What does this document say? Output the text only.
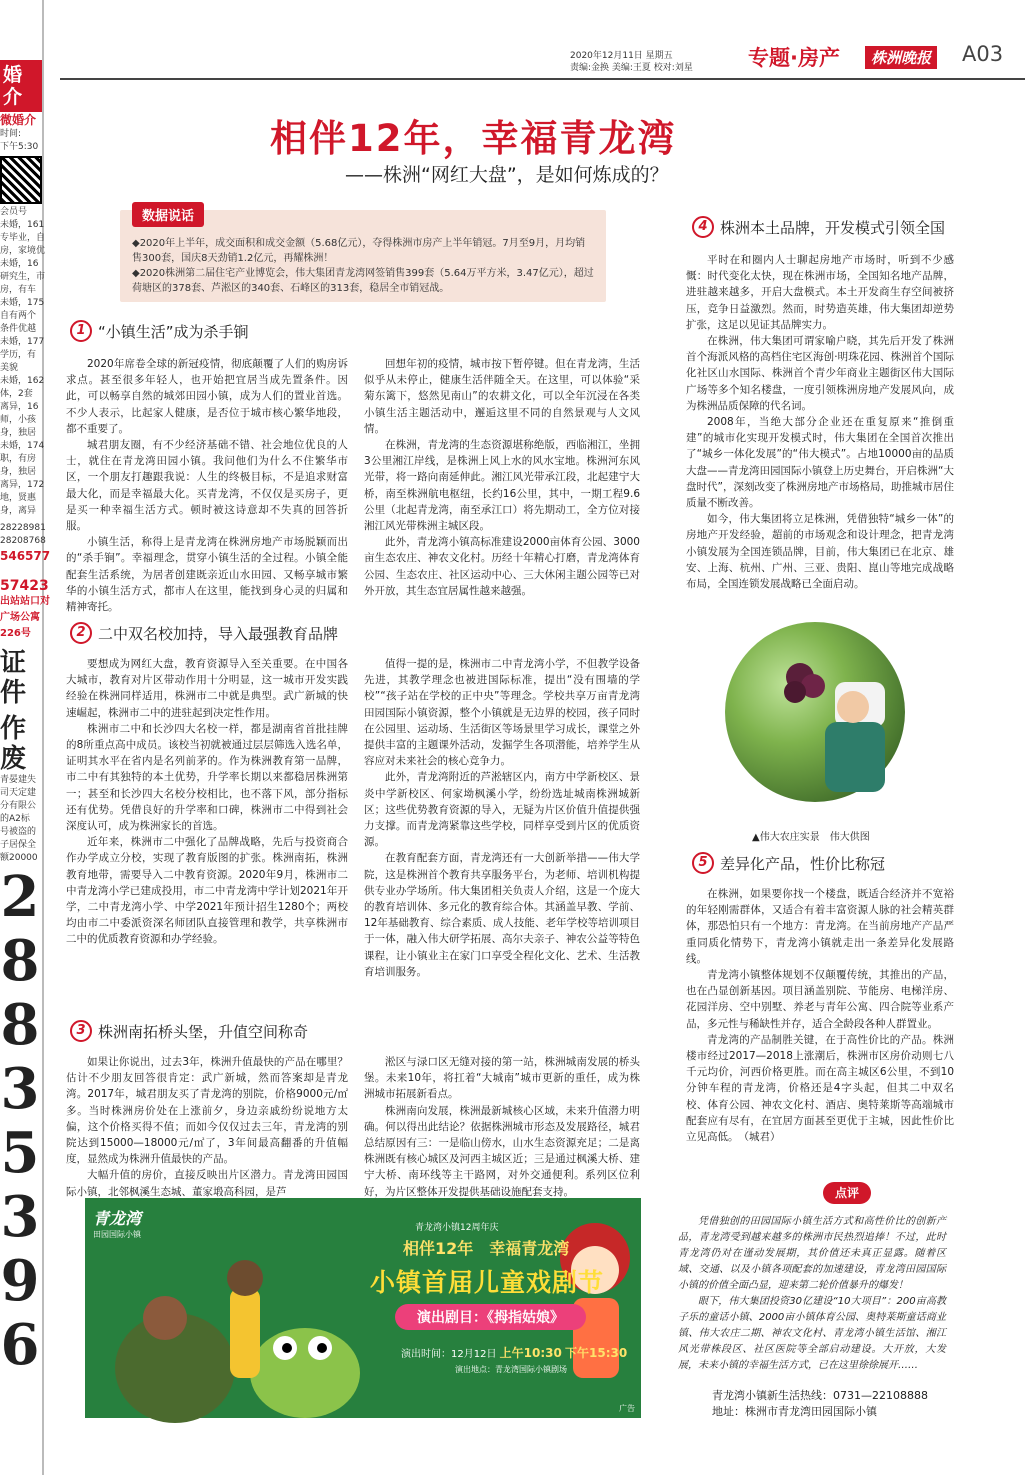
婚介
微婚介
时间:
下午5:30
会员号
未婚，161
专毕业，自
房，家境优
未婚，16
研究生，市
房，有车
未婚，175
自有两个
条件优越
未婚，177
学历，有
美貌
未婚，162
体，2套
离异，16
师，小孩
身，独居
未婚，174
职，有房
身，独居
离异，172
地，贤惠
身，离异
28228981
28208768
546577
57423
出站站口对
广场公寓
226号
证件
作废
青晏建失
司天定建
分有限公
的A2标
号被盗的
子居保全
额20000
2
8
8
3
5
3
9
6
2020年12月11日 星期五
责编:金换 美编:王夏 校对:刘星	专题·房产	株洲晚报 A03
相伴12年，幸福青龙湾
——株洲“网红大盘”，是如何炼成的？
数据说话
◆2020年上半年，成交面积和成交金额（5.68亿元），夺得株洲市房产上半年销冠。7月至9月，月均销售300套，国庆8天劲销1.2亿元，再耀株洲！
◆2020株洲第二届住宅产业博览会，伟大集团青龙湾网签销售399套（5.64万平方米，3.47亿元），超过荷塘区的378套、芦淞区的340套、石峰区的313套，稳居全市销冠战。
1 “小镇生活”成为杀手锏

2020年席卷全球的新冠疫情，彻底颠覆了人们的购房诉求点。甚至很多年轻人，也开始把宜居当成先置条件。因此，可以畅享自然的城郊田园小镇，成为人们的置业首选。不少人表示，比起家人健康，是否位于城市核心繁华地段，都不重要了。

城君朋友圈，有不少经济基础不错、社会地位优良的人士，就住在青龙湾田园小镇。我问他们为什么不住繁华市区，一个朋友打趣跟我说：人生的终极目标，不是追求财富最大化，而是幸福最大化。买青龙湾，不仅仅是买房子，更是买一种幸福生活方式。顿时被这诗意却不失真的回答折服。

小镇生活，称得上是青龙湾在株洲房地产市场脱颖而出的“杀手锏”。幸福理念，贯穿小镇生活的全过程。小镇全能配套生活系统，为居者创建既亲近山水田园、又畅享城市繁华的小镇生活方式，都市人在这里，能找到身心灵的归属和精神寄托。

回想年初的疫情，城市按下暂停键。但在青龙湾，生活似乎从未停止，健康生活伴随全天。在这里，可以体验“采菊东篱下，悠然见南山”的农耕文化，可以全年沉浸在各类小镇生活主题活动中，邂逅这里不同的自然景观与人文风情。

在株洲，青龙湾的生态资源堪称绝版，西临湘江，坐拥3公里湘江岸线，是株洲上风上水的风水宝地。株洲河东风光带，将一路向南延伸此。湘江风光带承江段，北起建宁大桥，南至株洲航电枢纽，长约16公里，其中，一期工程9.6公里（北起青龙湾，南至承江口）将先期动工，全方位对接湘江风光带株洲主城区段。

此外，青龙湾小镇高标准建设2000亩体育公园、3000亩生态农庄、神农文化村。历经十年精心打磨，青龙湾体育公园、生态农庄、社区运动中心、三大休闲主题公园等已对外开放，其生态宜居属性越来越强。

2 二中双名校加持，导入最强教育品牌

要想成为网红大盘，教育资源导入至关重要。在中国各大城市，教育对片区带动作用十分明显，这一城市开发实践经验在株洲同样适用，株洲市二中就是典型。武广新城的快速崛起，株洲市二中的进驻起到决定性作用。

株洲市二中和长沙四大名校一样，都是湖南省首批挂牌的8所重点高中成员。该校当初就被通过层层筛选入选名单，证明其水平在省内是名列前茅的。作为株洲教育第一品牌，市二中有其独特的本土优势，升学率长期以来都稳居株洲第一；甚至和长沙四大名校分校相比，也不落下风，部分指标还有优势。凭借良好的升学率和口碑，株洲市二中得到社会深度认可，成为株洲家长的首选。

近年来，株洲市二中强化了品牌战略，先后与投资商合作办学成立分校，实现了教育版图的扩张。株洲南拓，株洲教育地带，需要导入二中教育资源。2020年9月，株洲市二中青龙湾小学已建成投用，市二中青龙湾中学计划2021年开学，二中青龙湾小学、中学2021年预计招生1280个；两校均由市二中委派资深名师团队直接管理和教学，共享株洲市二中的优质教育资源和办学经验。

值得一提的是，株洲市二中青龙湾小学，不但教学设备先进，其教学理念也被进国际标准，提出“没有围墙的学校”“孩子站在学校的正中央”等理念。学校共享万亩青龙湾田园国际小镇资源，整个小镇就是无边界的校园，孩子同时在公园里、运动场、生活街区等场景里学习成长，课堂之外提供丰富的主题课外活动，发掘学生各项潜能，培养学生从容应对未来社会的核心竞争力。

此外，青龙湾附近的芦淞辖区内，南方中学新校区、景炎中学新校区、何家坳枫溪小学，纷纷选址城南株洲城新区；这些优势教育资源的导入，无疑为片区价值升值提供强力支撑。而青龙湾紧靠这些学校，同样享受到片区的优质资源。

在教育配套方面，青龙湾还有一大创新举措——伟大学院，这是株洲首个教育共享服务平台，为老师、培训机构提供专业办学场所。伟大集团相关负责人介绍，这是一个庞大的教育培训体、多元化的教育综合体。其涵盖早教、学前、12年基础教育、综合素质、成人技能、老年学校等培训项目于一体，融入伟大研学拓展、高尔夫亲子、神农公益等特色课程，让小镇业主在家门口享受全程化文化、艺术、生活教育培训服务。

3 株洲南拓桥头堡，升值空间称奇

如果让你说出，过去3年，株洲升值最快的产品在哪里？估计不少朋友回答很肯定：武广新城，然而答案却是青龙湾。2017年，城君朋友买了青龙湾的别院，价格9000元/㎡多。当时株洲房价处在上涨前夕，身边亲戚纷纷说地方太偏，这个价格买得不值；而如今仅仅过去三年，青龙湾的别院达到15000—18000元/㎡了，3年间最高翻番的升值幅度，显然成为株洲升值最快的产品。

大幅升值的房价，直接反映出片区潜力。青龙湾田园国际小镇，北邻枫溪生态城、董家塅高科园，是芦

淞区与渌口区无缝对接的第一站，株洲城南发展的桥头堡。未来10年，将扛着“大城南”城市更新的重任，成为株洲城市拓展新看点。

株洲南向发展，株洲最新城核心区域，未来升值潜力明确。何以得出此结论？依据株洲城市形态及发展路径，城君总结原因有三：一是临山傍水，山水生态资源充足；二是离株洲既有核心城区及河西主城区近；三是通过枫溪大桥、建宁大桥、南环线等主干路网，对外交通便利。系列区位利好，为片区整体开发提供基础设施配套支持。

青龙湾
田园国际小镇
青龙湾小镇12周年庆
相伴12年　幸福青龙湾
小镇首届儿童戏剧节
演出剧目：《拇指姑娘》
演出时间：12月12日 上午10:30 下午15:30
演出地点：青龙湾国际小镇剧场
广告
4 株洲本土品牌，开发模式引领全国

平时在和圈内人士聊起房地产市场时，听到不少感慨：时代变化太快，现在株洲市场，全国知名地产品牌，进驻越来越多，开启大盘模式。本土开发商生存空间被挤压，竞争日益激烈。然而，时势造英雄，伟大集团却逆势扩张，这足以见证其品牌实力。

在株洲，伟大集团可谓家喻户晓，其先后开发了株洲首个海派风格的高档住宅区海创·明珠花园、株洲首个国际化社区山水国际、株洲首个青少年商业主题街区伟大国际广场等多个知名楼盘，一度引领株洲房地产发展风向，成为株洲品质保障的代名词。

2008年，当绝大部分企业还在重复原来“推倒重建”的城市化实现开发模式时，伟大集团在全国首次推出了“城乡一体化发展”的“伟大模式”。占地10000亩的品质大盘——青龙湾田园国际小镇登上历史舞台，开启株洲“大盘时代”，深刻改变了株洲房地产市场格局，助推城市居住质量不断改善。

如今，伟大集团将立足株洲，凭借独特“城乡一体”的房地产开发经验，超前的市场观念和设计理念，把青龙湾小镇发展为全国连锁品牌，目前，伟大集团已在北京、雄安、上海、杭州、广州、三亚、贵阳、崑山等地完成战略布局，全国连锁发展战略已全面启动。

▲伟大农庄实景　伟大供图
5 差异化产品，性价比称冠

在株洲，如果要你找一个楼盘，既适合经济并不宽裕的年轻刚需群体，又适合有着丰富资源人脉的社会精英群体，那恐怕只有一个地方：青龙湾。在当前房地产产品严重同质化情势下，青龙湾小镇就走出一条差异化发展路线。

青龙湾小镇整体规划不仅颠覆传统，其推出的产品，也在凸显创新基因。项目涵盖别院、节能房、电梯洋房、花园洋房、空中别墅、养老与青年公寓、四合院等业系产品，多元性与稀缺性并存，适合全龄段各种人群置业。

青龙湾的产品制胜关键，在于高性价比的产品。株洲楼市经过2017—2018上涨潮后，株洲市区房价动则七八千元均价，河西价格更胜。而在高主城区6公里，不到10分钟车程的青龙湾，价格还是4字头起，但其二中双名校、体育公园、神农文化村、酒店、奥特莱斯等高端城市配套应有尽有，在宜居方面甚至更优于主城，因此性价比立见高低。　（城君）

点评
凭借独创的田园国际小镇生活方式和高性价比的创新产品，青龙湾受到越来越多的株洲市民热烈追捧！不过，此时青龙湾仍对在谨动发展期，其价值还未真正显露。随着区域、交通、以及小镇各项配套的加速建设，青龙湾田园国际小镇的价值全面凸显，迎来第二轮价值暴升的爆发！
眼下，伟大集团投资30亿建设“10大项目”：200亩高教子乐的童话小镇、2000亩小镇体育公园、奥特莱斯童话商业镇、伟大农庄二期、神农文化村、青龙湾小镇生活馆、湘江风光带株段区、社区医院等全部启动建设。大开放，大发展，未来小镇的幸福生活方式，已在这里徐徐展开……
青龙湾小镇新生活热线：0731—22108888
地址：株洲市青龙湾田园国际小镇
